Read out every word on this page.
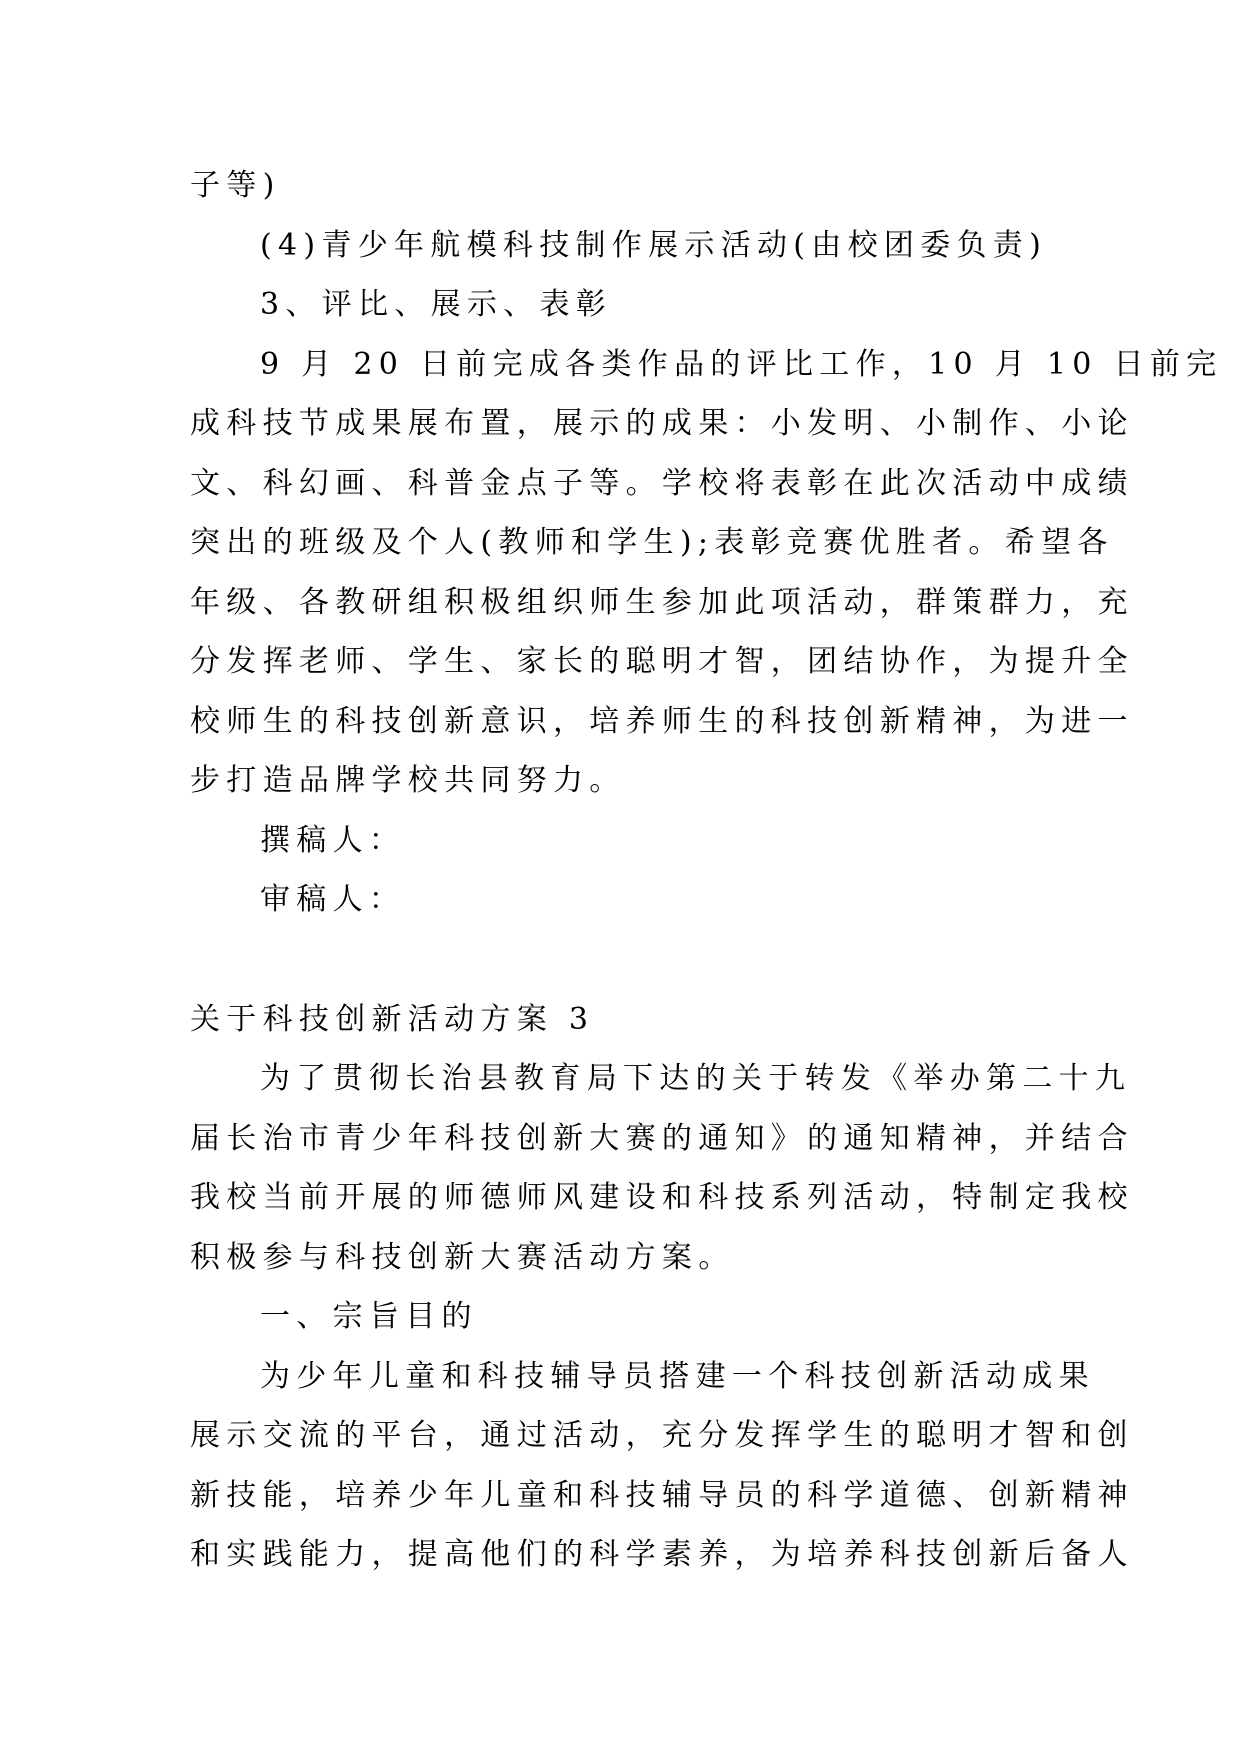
子等)
(4)青少年航模科技制作展示活动(由校团委负责)
3、评比、展示、表彰
9 月 20 日前完成各类作品的评比工作，10 月 10 日前完
成科技节成果展布置，展示的成果：小发明、小制作、小论
文、科幻画、科普金点子等。学校将表彰在此次活动中成绩
突出的班级及个人(教师和学生);表彰竞赛优胜者。希望各
年级、各教研组积极组织师生参加此项活动，群策群力，充
分发挥老师、学生、家长的聪明才智，团结协作，为提升全
校师生的科技创新意识，培养师生的科技创新精神，为进一
步打造品牌学校共同努力。
撰稿人：
审稿人：
关于科技创新活动方案 3
为了贯彻长治县教育局下达的关于转发《举办第二十九
届长治市青少年科技创新大赛的通知》的通知精神，并结合
我校当前开展的师德师风建设和科技系列活动，特制定我校
积极参与科技创新大赛活动方案。
一、宗旨目的
为少年儿童和科技辅导员搭建一个科技创新活动成果
展示交流的平台，通过活动，充分发挥学生的聪明才智和创
新技能，培养少年儿童和科技辅导员的科学道德、创新精神
和实践能力，提高他们的科学素养，为培养科技创新后备人
